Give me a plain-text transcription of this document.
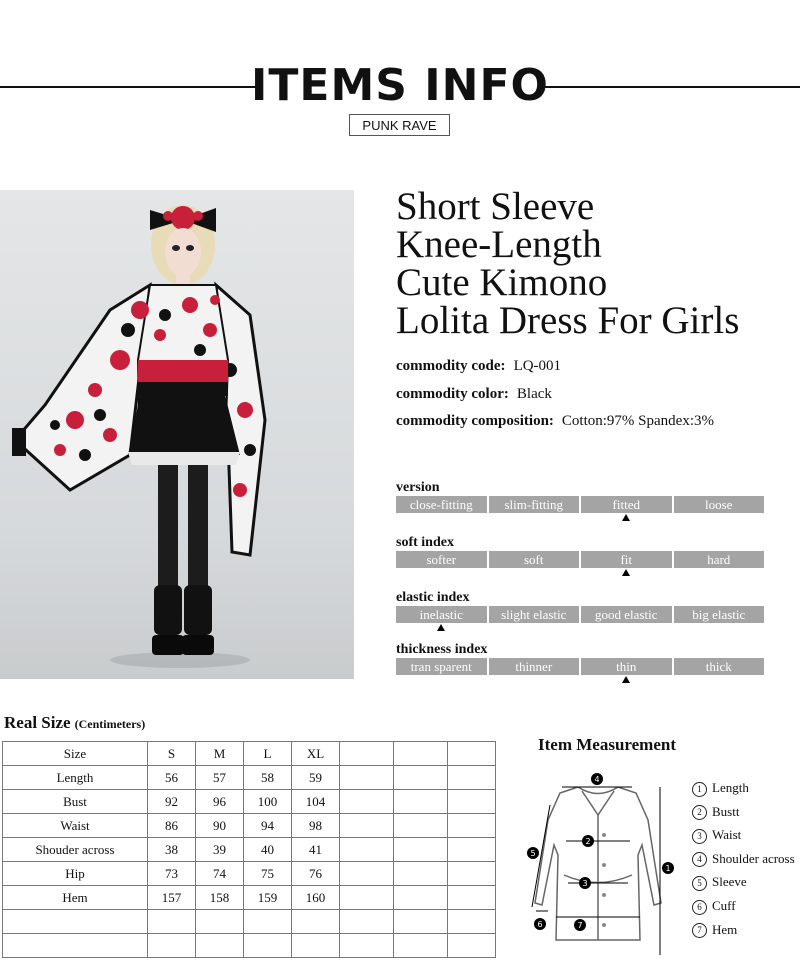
ITEMS INFO
PUNK RAVE
Short Sleeve
Knee-Length
Cute Kimono
Lolita Dress For Girls
commodity code: LQ-001
commodity color: Black
commodity composition: Cotton:97% Spandex:3%
version
close-fitting	slim-fitting	fitted	loose
soft index
softer	soft	fit	hard
elastic index
inelastic	slight elastic	good elastic	big elastic
thickness index
tran sparent	thinner	thin	thick
Real Size (Centimeters)
Size	S	M	L	XL			
Length	56	57	58	59			
Bust	92	96	100	104			
Waist	86	90	94	98			
Shouder across	38	39	40	41			
Hip	73	74	75	76			
Hem	157	158	159	160			

Item Measurement
4
2
3
7
5
6
1
1 Length
2 Bustt
3 Waist
4 Shoulder across
5 Sleeve
6 Cuff
7 Hem
